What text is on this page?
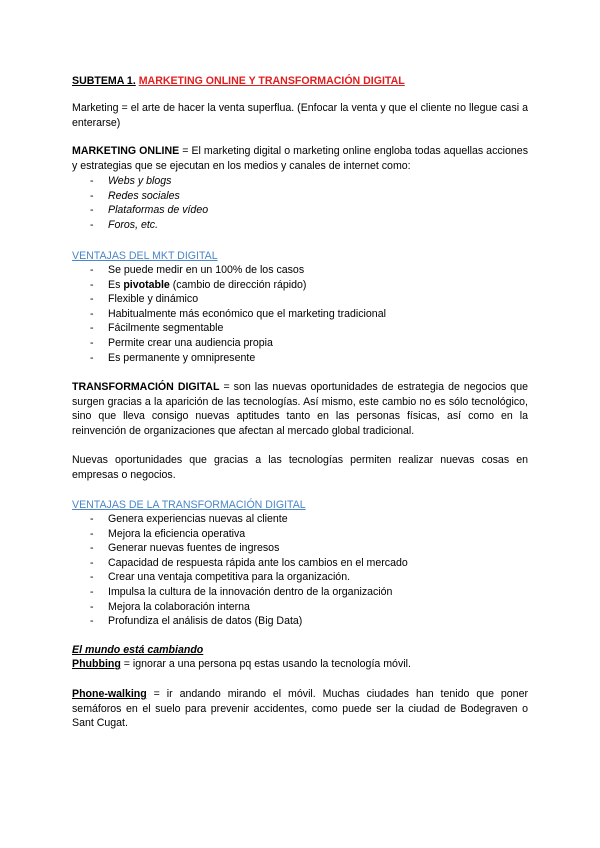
SUBTEMA 1. MARKETING ONLINE Y TRANSFORMACIÓN DIGITAL
Marketing = el arte de hacer la venta superflua. (Enfocar la venta y que el cliente no llegue casi a enterarse)
MARKETING ONLINE = El marketing digital o marketing online engloba todas aquellas acciones y estrategias que se ejecutan en los medios y canales de internet como:
- Webs y blogs
- Redes sociales
- Plataformas de vídeo
- Foros, etc.
VENTAJAS DEL MKT DIGITAL
- Se puede medir en un 100% de los casos
- Es pivotable (cambio de dirección rápido)
- Flexible y dinámico
- Habitualmente más económico que el marketing tradicional
- Fácilmente segmentable
- Permite crear una audiencia propia
- Es permanente y omnipresente
TRANSFORMACIÓN DIGITAL = son las nuevas oportunidades de estrategia de negocios que surgen gracias a la aparición de las tecnologías. Así mismo, este cambio no es sólo tecnológico, sino que lleva consigo nuevas aptitudes tanto en las personas físicas, así como en la reinvención de organizaciones que afectan al mercado global tradicional.
Nuevas oportunidades que gracias a las tecnologías permiten realizar nuevas cosas en empresas o negocios.
VENTAJAS DE LA TRANSFORMACIÓN DIGITAL
- Genera experiencias nuevas al cliente
- Mejora la eficiencia operativa
- Generar nuevas fuentes de ingresos
- Capacidad de respuesta rápida ante los cambios en el mercado
- Crear una ventaja competitiva para la organización.
- Impulsa la cultura de la innovación dentro de la organización
- Mejora la colaboración interna
- Profundiza el análisis de datos (Big Data)
El mundo está cambiando
Phubbing = ignorar a una persona pq estas usando la tecnología móvil.
Phone-walking = ir andando mirando el móvil. Muchas ciudades han tenido que poner semáforos en el suelo para prevenir accidentes, como puede ser la ciudad de Bodegraven o Sant Cugat.
